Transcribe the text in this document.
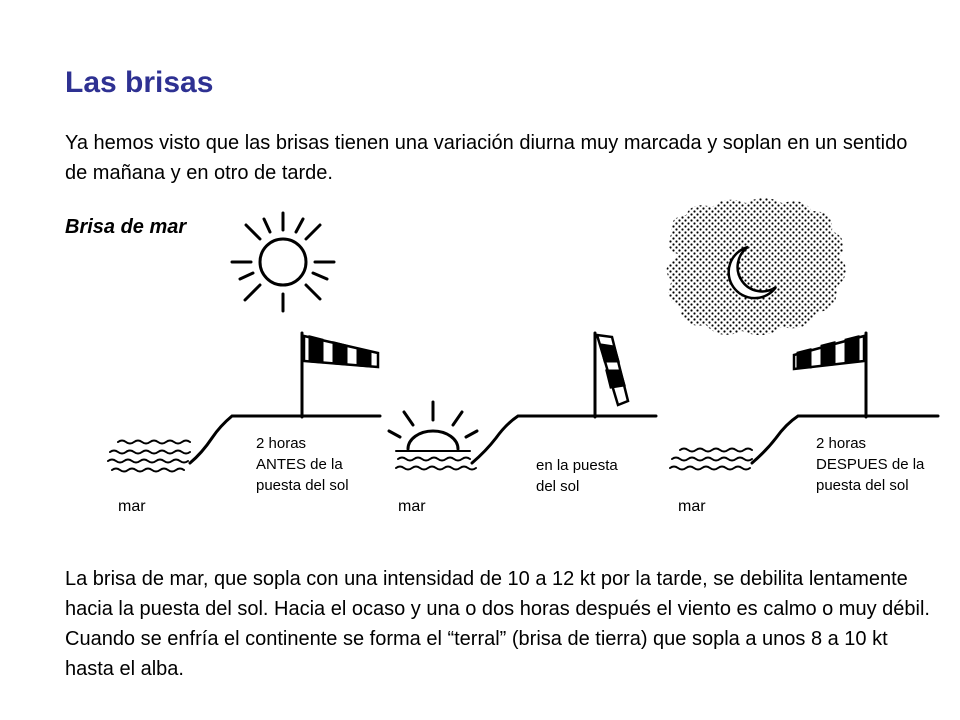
Las brisas

Ya hemos visto que las brisas tienen una variación diurna muy marcada y soplan en un sentido de mañana y en otro de tarde.

Brisa de mar

mar	mar	mar

2 horas ANTES de la puesta del sol

en la puesta del sol

2 horas DESPUES de la puesta del sol

La brisa de mar, que sopla con una intensidad de 10 a 12 kt por la tarde, se debilita lentamente hacia la puesta del sol. Hacia el ocaso y una o dos horas después el viento es calmo o muy débil. Cuando se enfría el continente se forma el “terral” (brisa de tierra) que sopla a unos 8 a 10 kt hasta el alba.
